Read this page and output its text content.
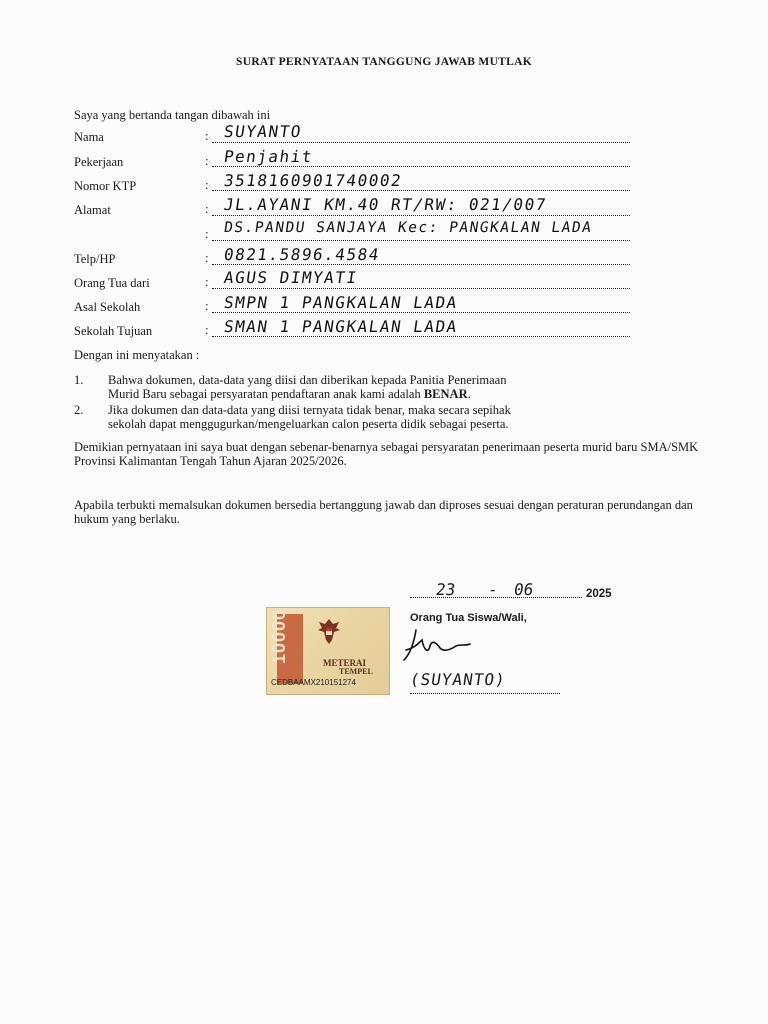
SURAT PERNYATAAN TANGGUNG JAWAB MUTLAK
Saya yang bertanda tangan dibawah ini
Nama	: SUYANTO
Pekerjaan	: Penjahit
Nomor KTP	: 3518160901740002
Alamat	: JL.AYANI KM.40 RT/RW: 021/007
: DS.PANDU SANJAYA Kec: PANGKALAN LADA
Telp/HP	: 0821.5896.4584
Orang Tua dari	: AGUS DIMYATI
Asal Sekolah	: SMPN 1 PANGKALAN LADA
Sekolah Tujuan	: SMAN 1 PANGKALAN LADA
Dengan ini menyatakan :
1. Bahwa dokumen, data-data yang diisi dan diberikan kepada Panitia Penerimaan
Murid Baru sebagai persyaratan pendaftaran anak kami adalah BENAR.
2. Jika dokumen dan data-data yang diisi ternyata tidak benar, maka secara sepihak
sekolah dapat menggugurkan/mengeluarkan calon peserta didik sebagai peserta.
Demikian pernyataan ini saya buat dengan sebenar-benarnya sebagai persyaratan penerimaan peserta murid baru SMA/SMK Provinsi Kalimantan Tengah Tahun Ajaran 2025/2026.
Apabila terbukti memalsukan dokumen bersedia bertanggung jawab dan diproses sesuai dengan peraturan perundangan dan hukum yang berlaku.
23 - 06	2025
Orang Tua Siswa/Wali,
10000	METERAI
TEMPEL
CEDBAAMX210151274	(SUYANTO)
